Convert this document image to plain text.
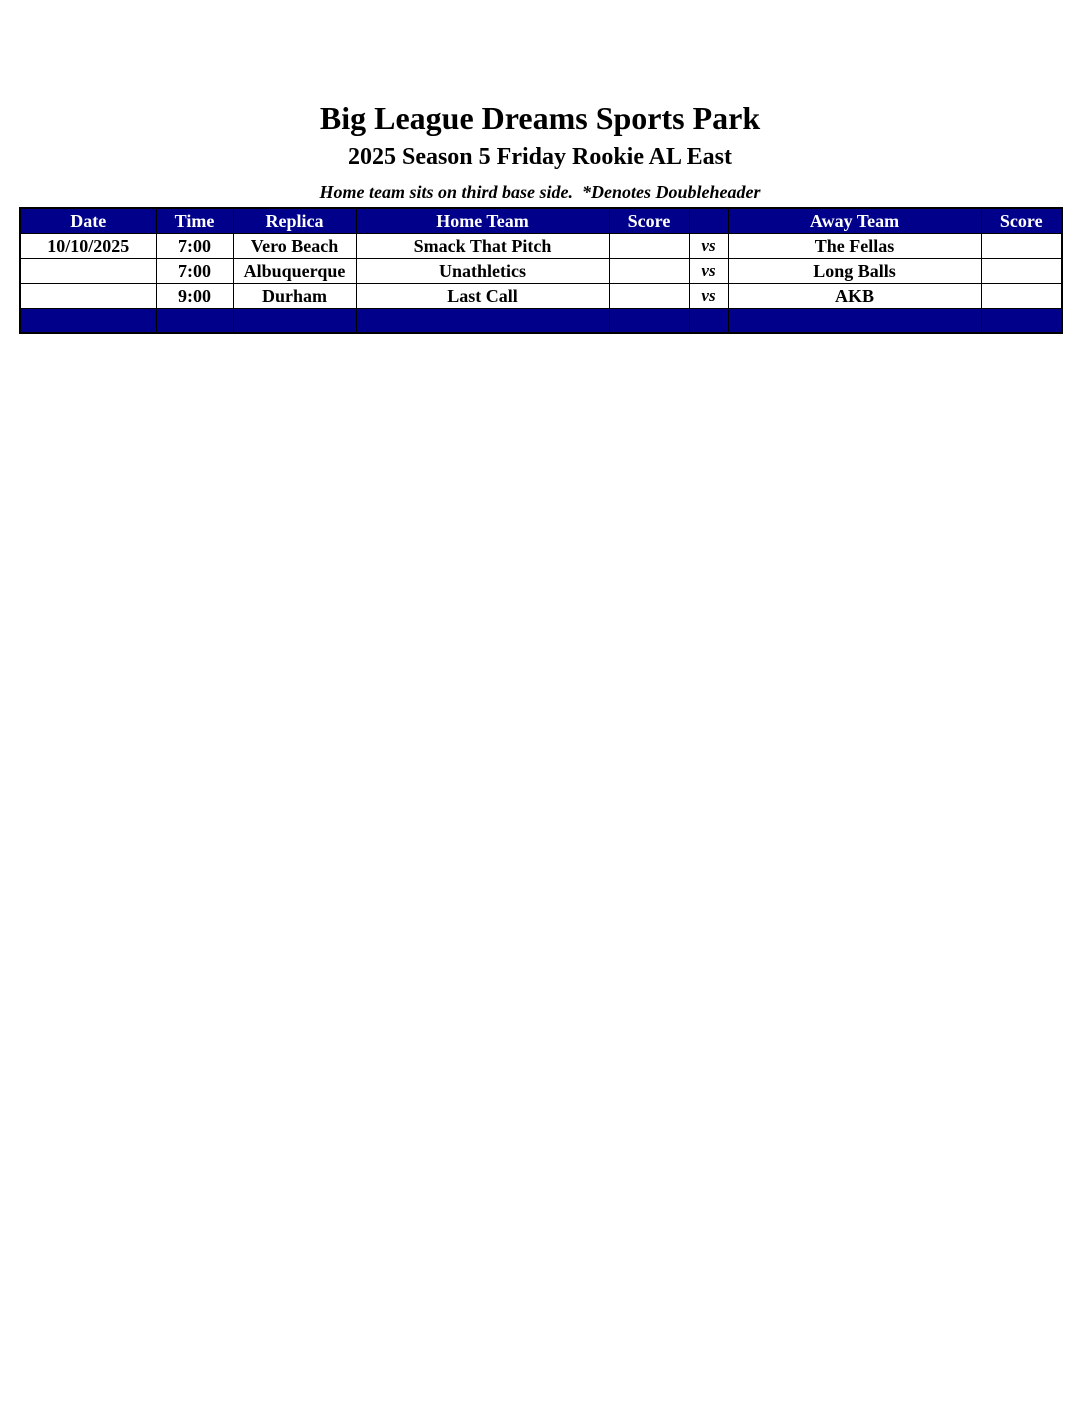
Big League Dreams Sports Park
2025 Season 5 Friday Rookie AL East
Home team sits on third base side.  *Denotes Doubleheader
Date	Time	Replica	Home Team	Score		Away Team	Score
10/10/2025	7:00	Vero Beach	Smack That Pitch		vs	The Fellas	
	7:00	Albuquerque	Unathletics		vs	Long Balls	
	9:00	Durham	Last Call		vs	AKB	
